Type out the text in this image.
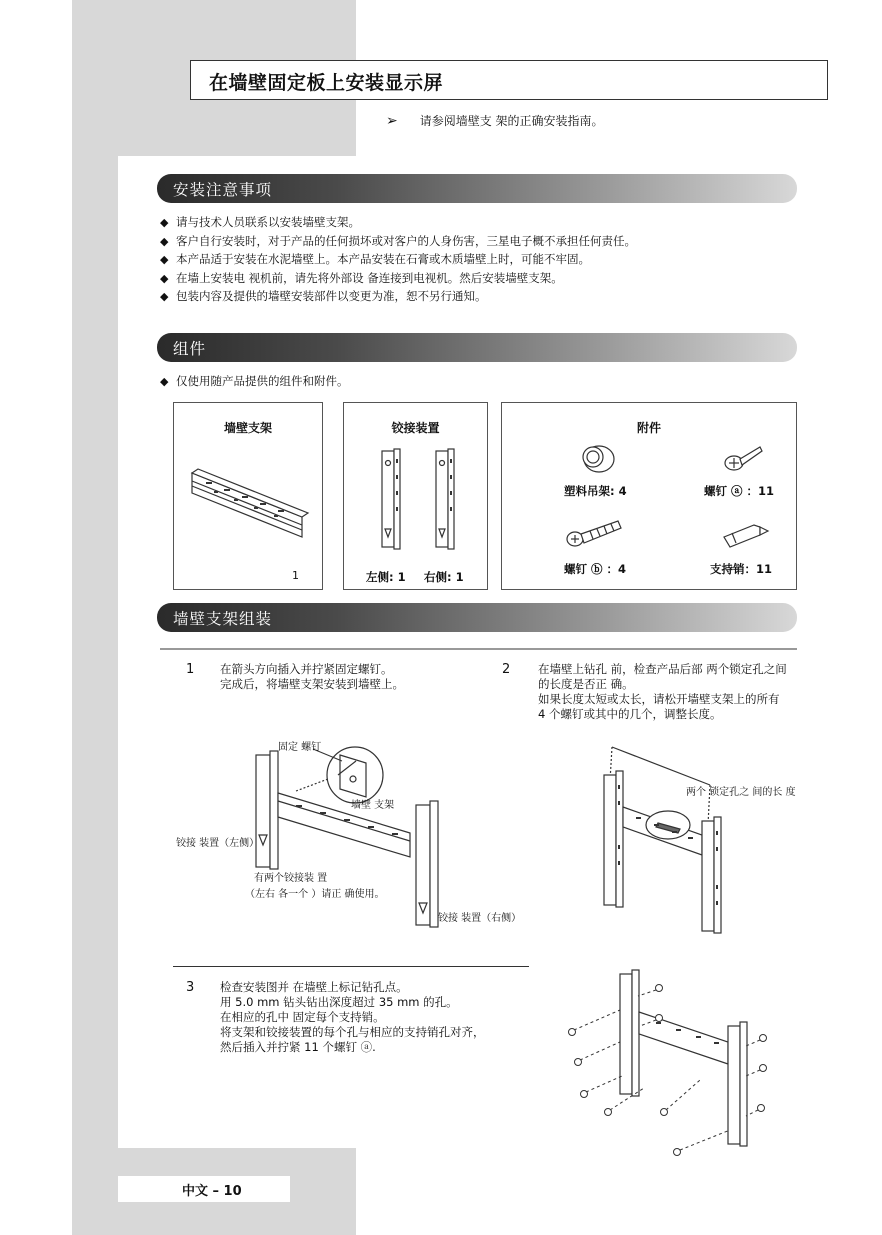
在墙壁固定板上安装显示屏
➢ 请参阅墙壁支 架的正确安装指南。
安装注意事项
◆ 请与技术人员联系以安装墙壁支架。
◆ 客户自行安装时，对于产品的任何损坏或对客户的人身伤害，三星电子概不承担任何责任。
◆ 本产品适于安装在水泥墙壁上。本产品安装在石膏或木质墙壁上时，可能不牢固。
◆ 在墙上安装电 视机前，请先将外部设 备连接到电视机。然后安装墙壁支架。
◆ 包装内容及提供的墙壁安装部件以变更为准，恕不另行通知。
组件
◆ 仅使用随产品提供的组件和附件。
墙壁支架
1
铰接装置
左侧: 1 右侧: 1
附件
塑料吊架: 4	螺钉 ⓐ ：11
螺钉 ⓑ ：4	支持销：11
墙壁支架组装
1 在箭头方向插入并拧紧固定螺钉。
完成后，将墙壁支架安装到墙壁上。
2 在墙壁上钻孔 前，检查产品后部 两个锁定孔之间
的长度是否正 确。
如果长度太短或太长，请松开墙壁支架上的所有
4 个螺钉或其中的几个，调整长度。
固定 螺钉
墙壁 支架
铰接 装置（左侧）
有两个铰接装 置
（左右 各一个 ）请正 确使用。
铰接 装置（右侧）
两个 锁定孔之 间的长 度
3 检查安装图并 在墙壁上标记钻孔点。
用 5.0 mm 钻头钻出深度超过 35 mm 的孔。
在相应的孔中 固定每个支持销。
将支架和铰接装置的每个孔与相应的支持销孔对齐，
然后插入并拧紧 11 个螺钉 ⓐ.
中文 – 10
